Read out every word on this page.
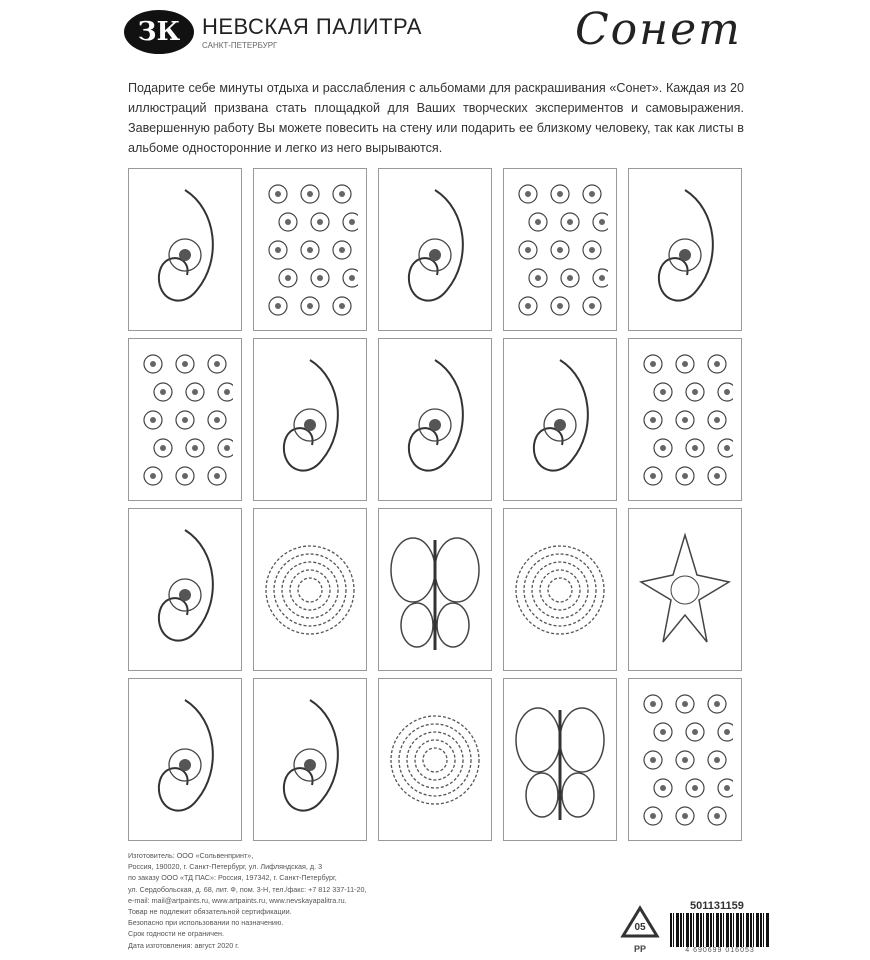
ЗК НЕВСКАЯ ПАЛИТРА
САНКТ-ПЕТЕРБУРГ	Сонет

Подарите себе минуты отдыха и расслабления с альбомами для раскрашивания «Сонет». Каждая из 20 иллюстраций призвана стать площадкой для Ваших творческих экспериментов и самовыражения. Завершенную работу Вы можете повесить на стену или подарить ее близкому человеку, так как листы в альбоме односторонние и легко из него вырываются.

Изготовитель: ООО «Сольвенпринт»,
Россия, 190020, г. Санкт-Петербург, ул. Лифляндская, д. 3
по заказу ООО «ТД ПАС»: Россия, 197342, г. Санкт-Петербург,
ул. Сердобольская, д. 68, лит. Ф, пом. 3-Н, тел./факс: +7 812 337-11-20,
e-mail: mail@artpaints.ru, www.artpaints.ru, www.nevskayapalitra.ru.
Товар не подлежит обязательной сертификации.
Безопасно при использовании по назначению.
Срок годности не ограничен.
Дата изготовления: август 2020 г.
05
PP
501131159
4 690699 016053
